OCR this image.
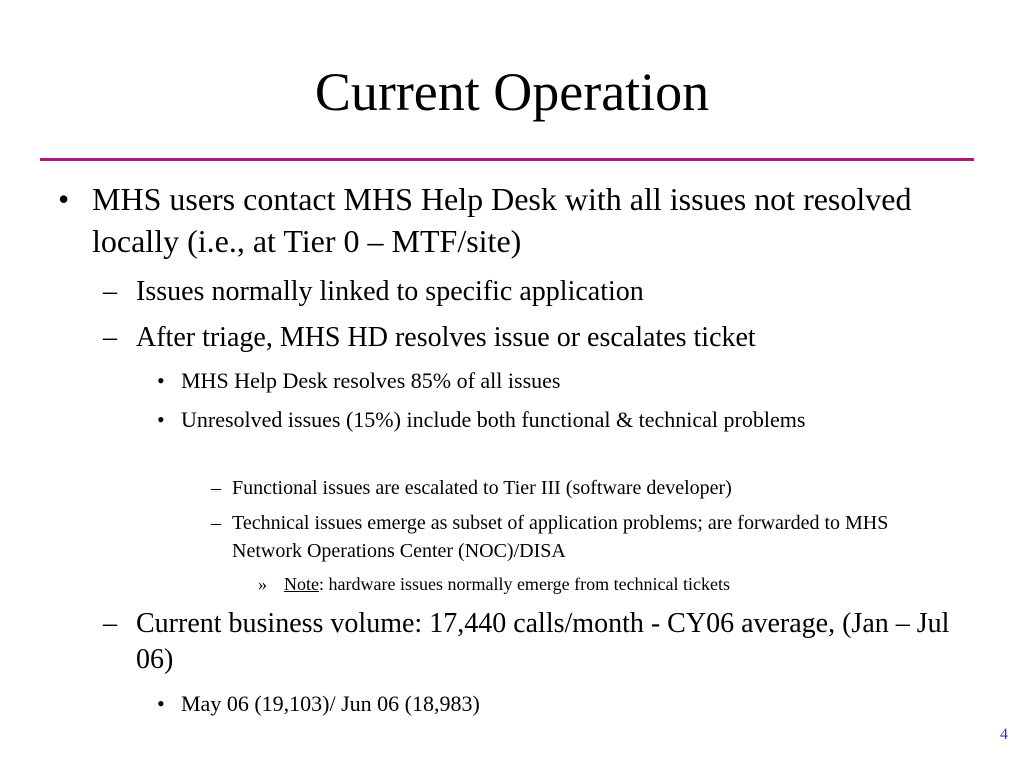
Current Operation
• MHS users contact MHS Help Desk with all issues not resolved locally (i.e., at Tier 0 – MTF/site)
– Issues normally linked to specific application
– After triage, MHS HD resolves issue or escalates ticket
• MHS Help Desk resolves 85% of all issues
• Unresolved issues (15%) include both functional & technical problems
– Functional issues are escalated to Tier III (software developer)
– Technical issues emerge as subset of application problems; are forwarded to MHS Network Operations Center (NOC)/DISA
» Note: hardware issues normally emerge from technical tickets
– Current business volume: 17,440 calls/month - CY06 average, (Jan – Jul 06)
• May 06 (19,103)/ Jun 06 (18,983)
4
